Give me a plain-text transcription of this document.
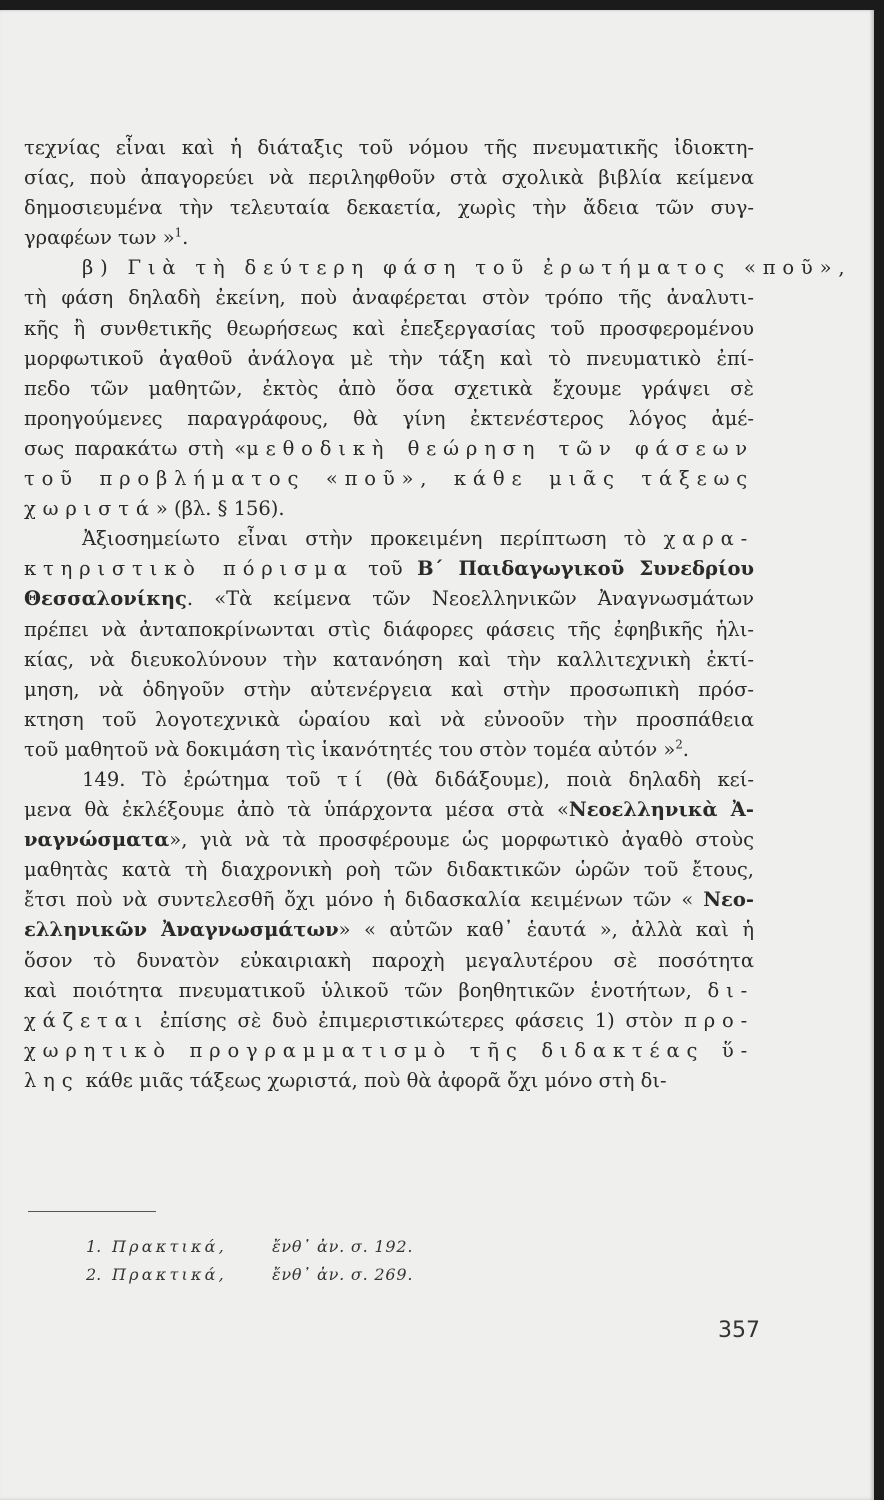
τεχνίας εἶναι καὶ ἡ διάταξις τοῦ νόμου τῆς πνευματικῆς ἰδιοκτη-
σίας, ποὺ ἀπαγορεύει νὰ περιληφθοῦν στὰ σχολικὰ βιβλία κείμενα
δημοσιευμένα τὴν τελευταία δεκαετία, χωρὶς τὴν ἄδεια τῶν συγ-
γραφέων των »$^1$.
β) Γιὰ τὴ δεύτερη φάση τοῦ ἐρωτήματος «ποῦ»,
τὴ φάση δηλαδὴ ἐκείνη, ποὺ ἀναφέρεται στὸν τρόπο τῆς ἀναλυτι-
κῆς ἢ συνθετικῆς θεωρήσεως καὶ ἐπεξεργασίας τοῦ προσφερομένου
μορφωτικοῦ ἀγαθοῦ ἀνάλογα μὲ τὴν τάξη καὶ τὸ πνευματικὸ ἐπί-
πεδο τῶν μαθητῶν, ἐκτὸς ἀπὸ ὅσα σχετικὰ ἔχουμε γράψει σὲ
προηγούμενες παραγράφους, θὰ γίνη ἐκτενέστερος λόγος ἀμέ-
σως παρακάτω στὴ «μεθοδικὴ θεώρηση τῶν φάσεων
τοῦ προβλήματος «ποῦ», κάθε μιᾶς τάξεως
χωριστά» (βλ. § 156).
Ἀξιοσημείωτο εἶναι στὴν προκειμένη περίπτωση τὸ χαρα-
κτηριστικὸ πόρισμα τοῦ Β΄ Παιδαγωγικοῦ Συνεδρίου
Θεσσαλονίκης. «Τὰ κείμενα τῶν Νεοελληνικῶν Ἀναγνωσμάτων
πρέπει νὰ ἀνταποκρίνωνται στὶς διάφορες φάσεις τῆς ἐφηβικῆς ἡλι-
κίας, νὰ διευκολύνουν τὴν κατανόηση καὶ τὴν καλλιτεχνικὴ ἐκτί-
μηση, νὰ ὁδηγοῦν στὴν αὐτενέργεια καὶ στὴν προσωπικὴ πρόσ-
κτηση τοῦ λογοτεχνικὰ ὡραίου καὶ νὰ εὐνοοῦν τὴν προσπάθεια
τοῦ μαθητοῦ νὰ δοκιμάση τὶς ἱκανότητές του στὸν τομέα αὐτόν »$^2$.
149. Τὸ ἐρώτημα τοῦ τί (θὰ διδάξουμε), ποιὰ δηλαδὴ κεί-
μενα θὰ ἐκλέξουμε ἀπὸ τὰ ὑπάρχοντα μέσα στὰ «Νεοελληνικὰ Ἀ-
ναγνώσματα», γιὰ νὰ τὰ προσφέρουμε ὡς μορφωτικὸ ἀγαθὸ στοὺς
μαθητὰς κατὰ τὴ διαχρονικὴ ροὴ τῶν διδακτικῶν ὡρῶν τοῦ ἔτους,
ἔτσι ποὺ νὰ συντελεσθῆ ὄχι μόνο ἡ διδασκαλία κειμένων τῶν « Νεο-
ελληνικῶν Ἀναγνωσμάτων» « αὐτῶν καθ᾿ ἑαυτά », ἀλλὰ καὶ ἡ
ὅσον τὸ δυνατὸν εὐκαιριακὴ παροχὴ μεγαλυτέρου σὲ ποσότητα
καὶ ποιότητα πνευματικοῦ ὑλικοῦ τῶν βοηθητικῶν ἑνοτήτων, δι-
χάζεται ἐπίσης σὲ δυὸ ἐπιμεριστικώτερες φάσεις 1) στὸν προ-
χωρητικὸ προγραμματισμὸ τῆς διδακτέας ὕ-
λης κάθε μιᾶς τάξεως χωριστά, ποὺ θὰ ἀφορᾶ ὄχι μόνο στὴ δι-
1. Πρακτικά,	ἔνθ᾿ ἀν. σ. 192.
2. Πρακτικά,	ἔνθ᾿ ἀν. σ. 269.
357
